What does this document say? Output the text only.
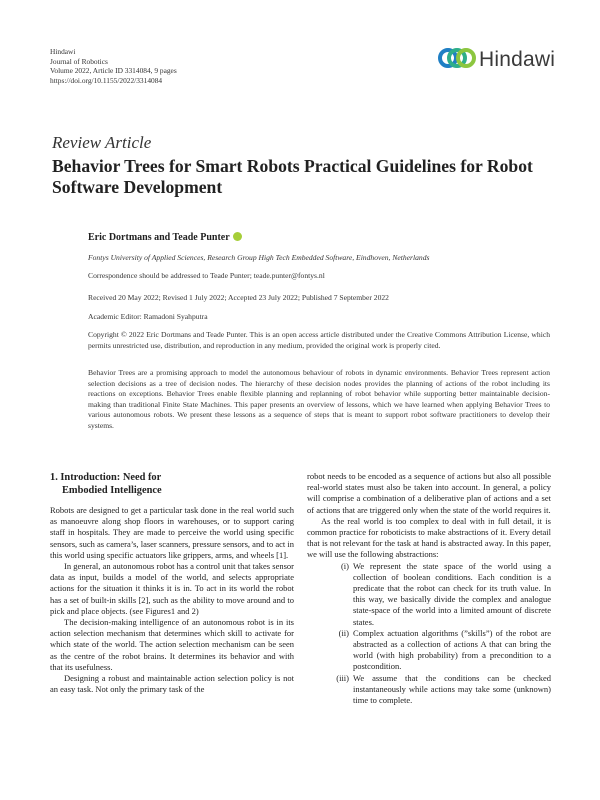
Hindawi
Journal of Robotics
Volume 2022, Article ID 3314084, 9 pages
https://doi.org/10.1155/2022/3314084
Hindawi
Review Article
Behavior Trees for Smart Robots Practical Guidelines for Robot Software Development
Eric Dortmans and Teade Punter
Fontys University of Applied Sciences, Research Group High Tech Embedded Software, Eindhoven, Netherlands
Correspondence should be addressed to Teade Punter; teade.punter@fontys.nl
Received 20 May 2022; Revised 1 July 2022; Accepted 23 July 2022; Published 7 September 2022
Academic Editor: Ramadoni Syahputra

Copyright © 2022 Eric Dortmans and Teade Punter. This is an open access article distributed under the Creative Commons Attribution License, which permits unrestricted use, distribution, and reproduction in any medium, provided the original work is properly cited.

Behavior Trees are a promising approach to model the autonomous behaviour of robots in dynamic environments. Behavior Trees represent action selection decisions as a tree of decision nodes. The hierarchy of these decision nodes provides the planning of actions of the robot including its reactions on exceptions. Behavior Trees enable flexible planning and replanning of robot behavior while supporting better maintainable decision-making than traditional Finite State Machines. This paper presents an overview of lessons, which we have learned when applying Behavior Trees to various autonomous robots. We present these lessons as a sequence of steps that is meant to support robot software practitioners to develop their systems.

1. Introduction: Need for
Embodied Intelligence

Robots are designed to get a particular task done in the real world such as manoeuvre along shop floors in warehouses, or to support caring staff in hospitals. They are made to perceive the world using specific sensors, such as camera’s, laser scanners, pressure sensors, and to act in this world using specific actuators like grippers, arms, and wheels [1].

In general, an autonomous robot has a control unit that takes sensor data as input, builds a model of the world, and selects appropriate actions for the situation it thinks it is in. To act in its world the robot has a set of built-in skills [2], such as the ability to move around and to pick and place objects. (see Figures1 and 2)

The decision-making intelligence of an autonomous robot is in its action selection mechanism that determines which skill to activate for which state of the world. The action selection mechanism can be seen as the centre of the robot brains. It determines its behavior and with that its usefulness.

Designing a robust and maintainable action selection policy is not an easy task. Not only the primary task of the

robot needs to be encoded as a sequence of actions but also all possible real-world states must also be taken into account. In general, a policy will comprise a combination of a deliberative plan of actions and a set of actions that are triggered only when the state of the world requires it.

As the real world is too complex to deal with in full detail, it is common practice for roboticists to make abstractions of it. Every detail that is not relevant for the task at hand is abstracted away. In this paper, we will use the following abstractions:

(i) We represent the state space of the world using a collection of boolean conditions. Each condition is a predicate that the robot can check for its truth value. In this way, we basically divide the complex and analogue state-space of the world into a limited amount of discrete states.
(ii) Complex actuation algorithms (”skills”) of the robot are abstracted as a collection of actions A that can bring the world (with high probability) from a precondition to a postcondition.
(iii) We assume that the conditions can be checked instantaneously while actions may take some (unknown) time to complete.
